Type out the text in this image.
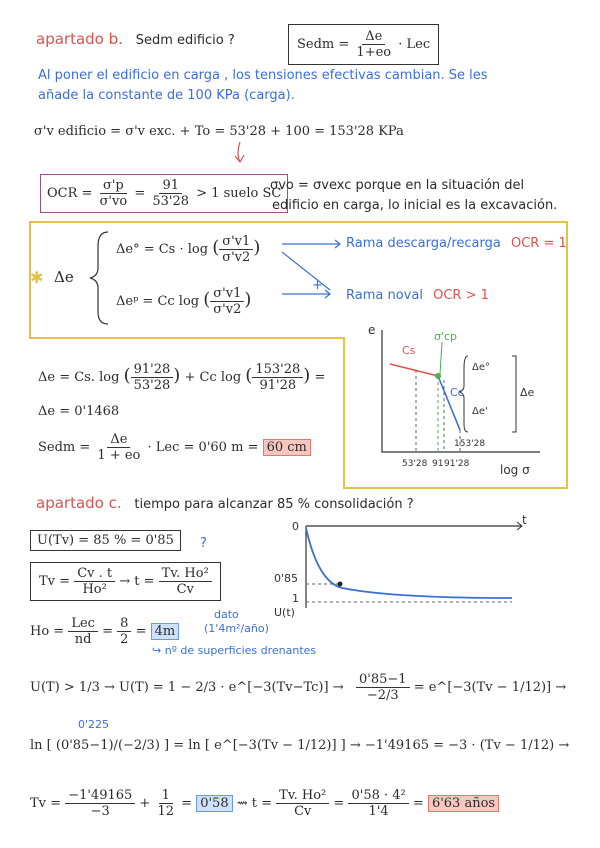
apartado b. Sedm edificio ?	Sedm = $\frac{\Delta e}{1+eo}$ · Lec
Al poner el edificio en carga , los tensiones efectivas cambian. Se les
añade la constante de 100 KPa (carga).
σ'v edificio = σ'v exc. + To = 53'28 + 100 = 153'28 KPa
OCR = $\frac{\sigma'p}{\sigma'vo} = \frac{91}{53'28} > 1$ suelo SC
σvo = σvexc porque en la situación del
edificio en carga, lo inicial es la excavación.
✱ Δe
Δe° = Cs · log ( $\frac{\sigma'v1}{\sigma'v2}$ )
Δeᵖ = Cc log ( $\frac{\sigma'v1}{\sigma'v2}$ )
Rama descarga/recarga OCR = 1
+
Rama noval OCR > 1
Δe = Cs. log ( $\frac{91'28}{53'28}$ ) + Cc log ( $\frac{153'28}{91'28}$ ) =
Δe = 0'1468
Sedm = $\frac{\Delta e}{1 + eo}$ · Lec = 0'60 m = 60 cm
e
log σ
Cs
Cc
σ'cp
Δe°
Δe'
Δe
53'28 91 91'28
153'28
apartado c. tiempo para alcanzar 85 % consolidación ?
U(Tv) = 85 % = 0'85	?
$Tv = \frac{Cv . t}{\text{Ho²}} \to t = \frac{\text{Tv. Ho²}}{Cv}$
dato
(1'4m²/año)
$Ho = \frac{\text{Lec}}{nd} = \frac{8}{2} = 4m$
↪ nº de superficies drenantes
t
0
0'85
1
U(t)
U(T) > 1/3 → U(T) = 1 − 2/3 · e^[−3(Tv−Tc)] → $\frac{0'85-1}{-2/3}$ = e^[−3(Tv − 1/12)] →
0'225
ln [ (0'85−1)/(−2/3) ] = ln [ e^[−3(Tv − 1/12)] ] → −1'49165 = −3 · (Tv − 1/12) →
$Tv = \frac{-1'49165}{-3} + \frac{1}{12} = 0'58$ ⇝ $t = \frac{\text{Tv. Ho²}}{Cv} = \frac{\text{0'58 · 4²}}{1'4} = 6'63$ años
